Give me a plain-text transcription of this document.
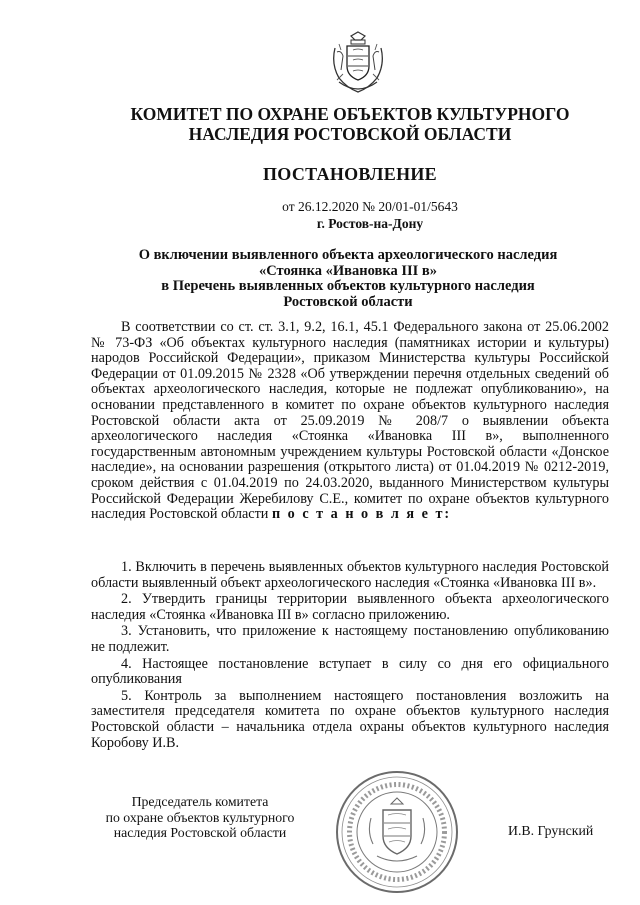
КОМИТЕТ ПО ОХРАНЕ ОБЪЕКТОВ КУЛЬТУРНОГО
НАСЛЕДИЯ РОСТОВСКОЙ ОБЛАСТИ
ПОСТАНОВЛЕНИЕ
от 26.12.2020 № 20/01-01/5643
г. Ростов-на-Дону
О включении выявленного объекта археологического наследия
«Стоянка «Ивановка III в»
в Перечень выявленных объектов культурного наследия
Ростовской области
В соответствии со ст. ст. 3.1, 9.2, 16.1, 45.1 Федерального закона от 25.06.2002 № 73-ФЗ «Об объектах культурного наследия (памятниках истории и культуры) народов Российской Федерации», приказом Министерства культуры Российской Федерации от 01.09.2015 № 2328 «Об утверждении перечня отдельных сведений об объектах археологического наследия, которые не подлежат опубликованию», на основании представленного в комитет по охране объектов культурного наследия Ростовской области акта от 25.09.2019 № 208/7 о выявлении объекта археологического наследия «Стоянка «Ивановка III в», выполненного государственным автономным учреждением культуры Ростовской области «Донское наследие», на основании разрешения (открытого листа) от 01.04.2019 № 0212-2019, сроком действия с 01.04.2019 по 24.03.2020, выданного Министерством культуры Российской Федерации Жеребилову С.Е., комитет по охране объектов культурного наследия Ростовской области п о с т а н о в л я е т:

1. Включить в перечень выявленных объектов культурного наследия Ростовской области выявленный объект археологического наследия «Стоянка «Ивановка III в».

2. Утвердить границы территории выявленного объекта археологического наследия «Стоянка «Ивановка III в» согласно приложению.

3. Установить, что приложение к настоящему постановлению опубликованию не подлежит.

4. Настоящее постановление вступает в силу со дня его официального опубликования

5. Контроль за выполнением настоящего постановления возложить на заместителя председателя комитета по охране объектов культурного наследия Ростовской области – начальника отдела охраны объектов культурного наследия Коробову И.В.

Председатель комитета
по охране объектов культурного
наследия Ростовской области	И.В. Грунский
